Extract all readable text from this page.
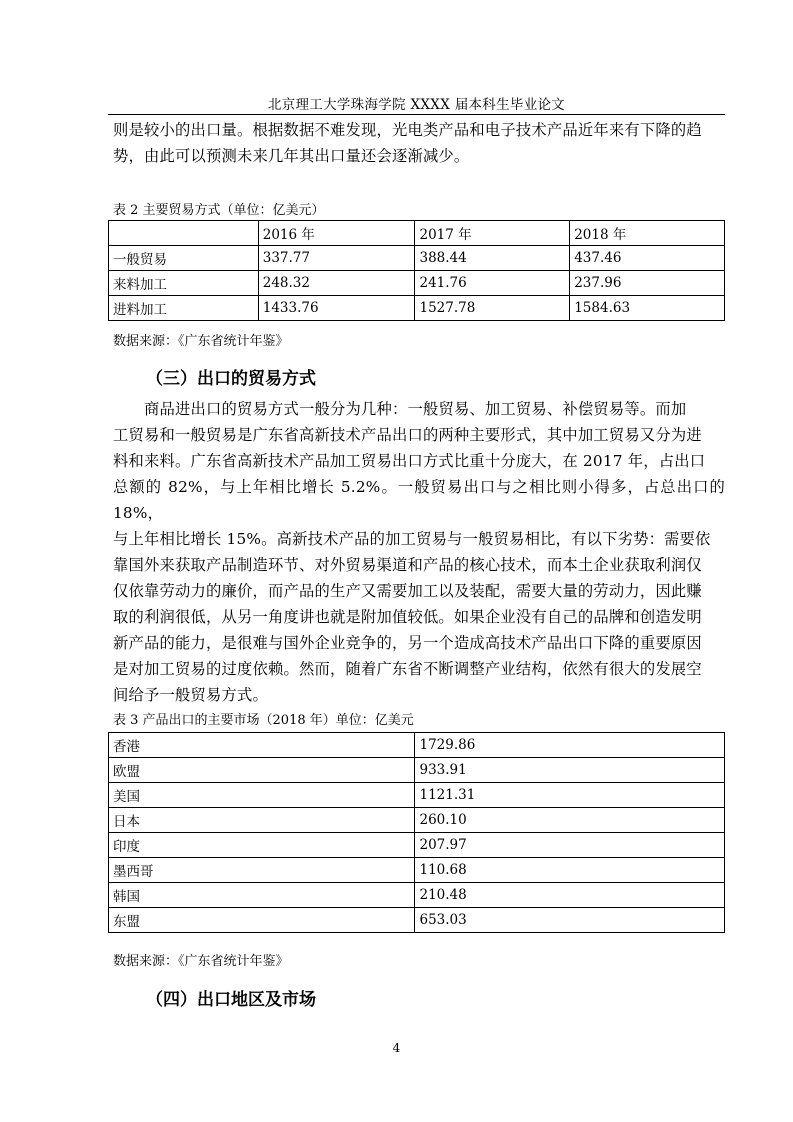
北京理工大学珠海学院 XXXX 届本科生毕业论文
则是较小的出口量。根据数据不难发现，光电类产品和电子技术产品近年来有下降的趋
势，由此可以预测未来几年其出口量还会逐渐减少。
表 2 主要贸易方式（单位：亿美元）
	2016 年	2017 年	2018 年
一般贸易	337.77	388.44	437.46
来料加工	248.32	241.76	237.96
进料加工	1433.76	1527.78	1584.63
数据来源：《广东省统计年鉴》
（三）出口的贸易方式
商品进出口的贸易方式一般分为几种：一般贸易、加工贸易、补偿贸易等。而加
工贸易和一般贸易是广东省高新技术产品出口的两种主要形式，其中加工贸易又分为进
料和来料。广东省高新技术产品加工贸易出口方式比重十分庞大，在 2017 年，占出口
总额的 82%，与上年相比增长 5.2%。一般贸易出口与之相比则小得多，占总出口的 18%，
与上年相比增长 15%。高新技术产品的加工贸易与一般贸易相比，有以下劣势：需要依
靠国外来获取产品制造环节、对外贸易渠道和产品的核心技术，而本土企业获取利润仅
仅依靠劳动力的廉价，而产品的生产又需要加工以及装配，需要大量的劳动力，因此赚
取的利润很低，从另一角度讲也就是附加值较低。如果企业没有自己的品牌和创造发明
新产品的能力，是很难与国外企业竞争的，另一个造成高技术产品出口下降的重要原因
是对加工贸易的过度依赖。然而，随着广东省不断调整产业结构，依然有很大的发展空
间给予一般贸易方式。
表 3 产品出口的主要市场（2018 年）单位：亿美元
香港	1729.86
欧盟	933.91
美国	1121.31
日本	260.10
印度	207.97
墨西哥	110.68
韩国	210.48
东盟	653.03
数据来源：《广东省统计年鉴》
（四）出口地区及市场
4
